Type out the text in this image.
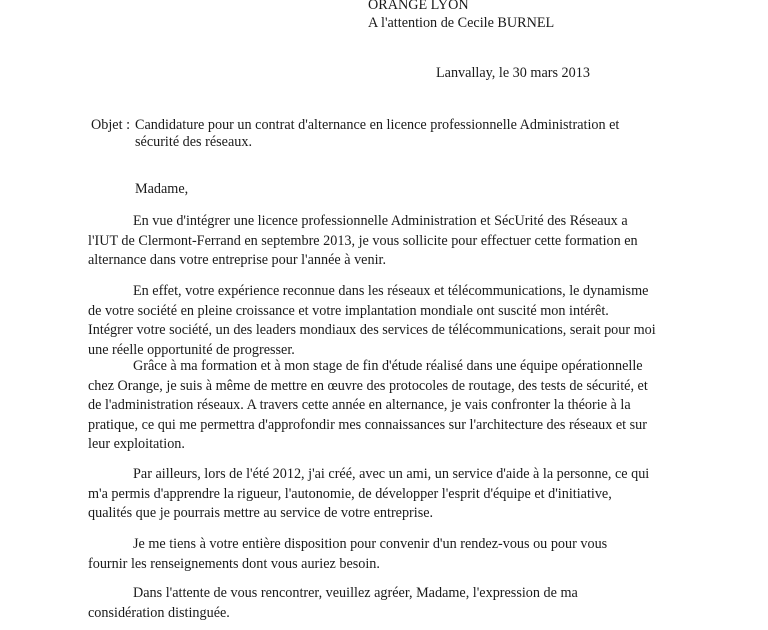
ORANGE LYON
A l'attention de Cecile BURNEL
Lanvallay, le 30 mars 2013
Objet : Candidature pour un contrat d'alternance en licence professionnelle Administration et
sécurité des réseaux.
Madame,
En vue d'intégrer une licence professionnelle Administration et SécUrité des Réseaux a
l'IUT de Clermont-Ferrand en septembre 2013, je vous sollicite pour effectuer cette formation en
alternance dans votre entreprise pour l'année à venir.
En effet, votre expérience reconnue dans les réseaux et télécommunications, le dynamisme
de votre société en pleine croissance et votre implantation mondiale ont suscité mon intérêt.
Intégrer votre société, un des leaders mondiaux des services de télécommunications, serait pour moi
une réelle opportunité de progresser.
Grâce à ma formation et à mon stage de fin d'étude réalisé dans une équipe opérationnelle
chez Orange, je suis à même de mettre en œuvre des protocoles de routage, des tests de sécurité, et
de l'administration réseaux. A travers cette année en alternance, je vais confronter la théorie à la
pratique, ce qui me permettra d'approfondir mes connaissances sur l'architecture des réseaux et sur
leur exploitation.
Par ailleurs, lors de l'été 2012, j'ai créé, avec un ami, un service d'aide à la personne, ce qui
m'a permis d'apprendre la rigueur, l'autonomie, de développer l'esprit d'équipe et d'initiative,
qualités que je pourrais mettre au service de votre entreprise.
Je me tiens à votre entière disposition pour convenir d'un rendez-vous ou pour vous
fournir les renseignements dont vous auriez besoin.
Dans l'attente de vous rencontrer, veuillez agréer, Madame, l'expression de ma
considération distinguée.
